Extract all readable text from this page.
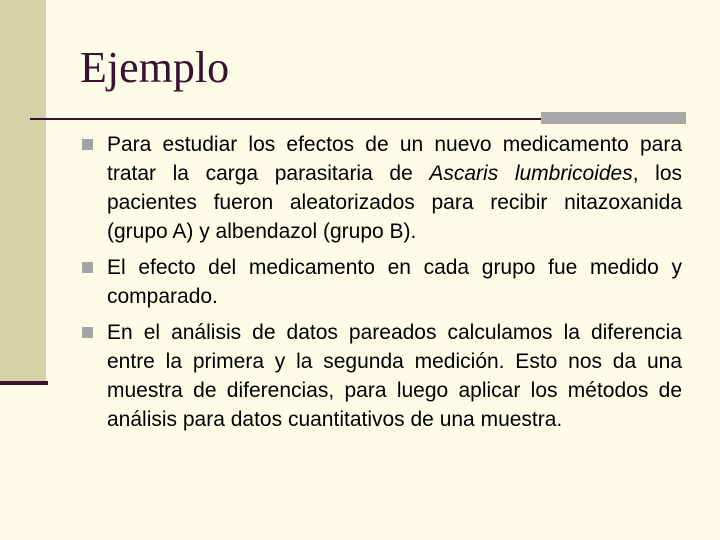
Ejemplo
Para estudiar los efectos de un nuevo medicamento para tratar la carga parasitaria de Ascaris lumbricoides, los pacientes fueron aleatorizados para recibir nitazoxanida (grupo A) y albendazol (grupo B).
El efecto del medicamento en cada grupo fue medido y comparado.
En el análisis de datos pareados calculamos la diferencia entre la primera y la segunda medición. Esto nos da una muestra de diferencias, para luego aplicar los métodos de análisis para datos cuantitativos de una muestra.
